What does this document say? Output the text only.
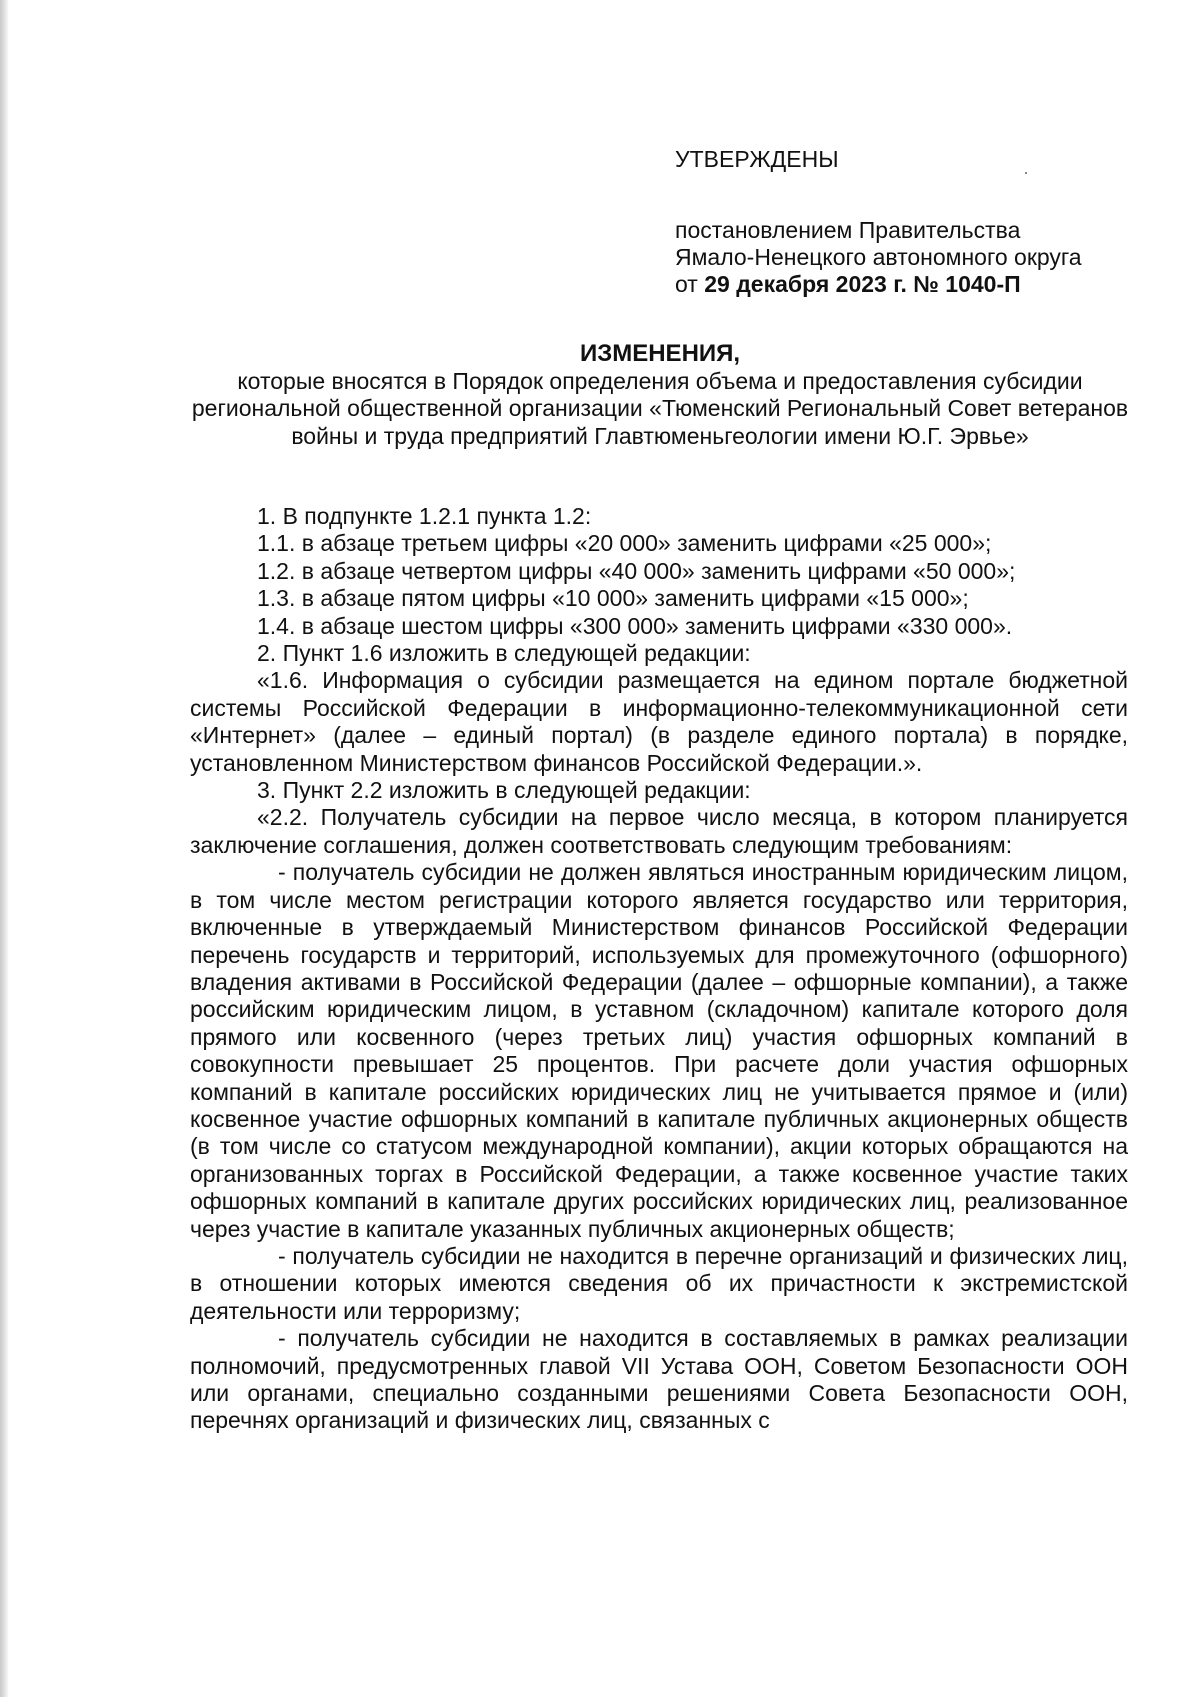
УТВЕРЖДЕНЫ
постановлением Правительства
Ямало-Ненецкого автономного округа
от 29 декабря 2023 г. № 1040-П
ИЗМЕНЕНИЯ,
которые вносятся в Порядок определения объема и предоставления субсидии региональной общественной организации «Тюменский Региональный Совет ветеранов войны и труда предприятий Главтюменьгеологии имени Ю.Г. Эрвье»

1. В подпункте 1.2.1 пункта 1.2:

1.1. в абзаце третьем цифры «20 000» заменить цифрами «25 000»;

1.2. в абзаце четвертом цифры «40 000» заменить цифрами «50 000»;

1.3. в абзаце пятом цифры «10 000» заменить цифрами «15 000»;

1.4. в абзаце шестом цифры «300 000» заменить цифрами «330 000».

2. Пункт 1.6 изложить в следующей редакции:

«1.6. Информация о субсидии размещается на едином портале бюджетной системы Российской Федерации в информационно-телекоммуникационной сети «Интернет» (далее – единый портал) (в разделе единого портала) в порядке, установленном Министерством финансов Российской Федерации.».

3. Пункт 2.2 изложить в следующей редакции:

«2.2. Получатель субсидии на первое число месяца, в котором планируется заключение соглашения, должен соответствовать следующим требованиям:

- получатель субсидии не должен являться иностранным юридическим лицом, в том числе местом регистрации которого является государство или территория, включенные в утверждаемый Министерством финансов Российской Федерации перечень государств и территорий, используемых для промежуточного (офшорного) владения активами в Российской Федерации (далее – офшорные компании), а также российским юридическим лицом, в уставном (складочном) капитале которого доля прямого или косвенного (через третьих лиц) участия офшорных компаний в совокупности превышает 25 процентов. При расчете доли участия офшорных компаний в капитале российских юридических лиц не учитывается прямое и (или) косвенное участие офшорных компаний в капитале публичных акционерных обществ (в том числе со статусом международной компании), акции которых обращаются на организованных торгах в Российской Федерации, а также косвенное участие таких офшорных компаний в капитале других российских юридических лиц, реализованное через участие в капитале указанных публичных акционерных обществ;

- получатель субсидии не находится в перечне организаций и физических лиц, в отношении которых имеются сведения об их причастности к экстремистской деятельности или терроризму;

- получатель субсидии не находится в составляемых в рамках реализации полномочий, предусмотренных главой VII Устава ООН, Советом Безопасности ООН или органами, специально созданными решениями Совета Безопасности ООН, перечнях организаций и физических лиц, связанных с
